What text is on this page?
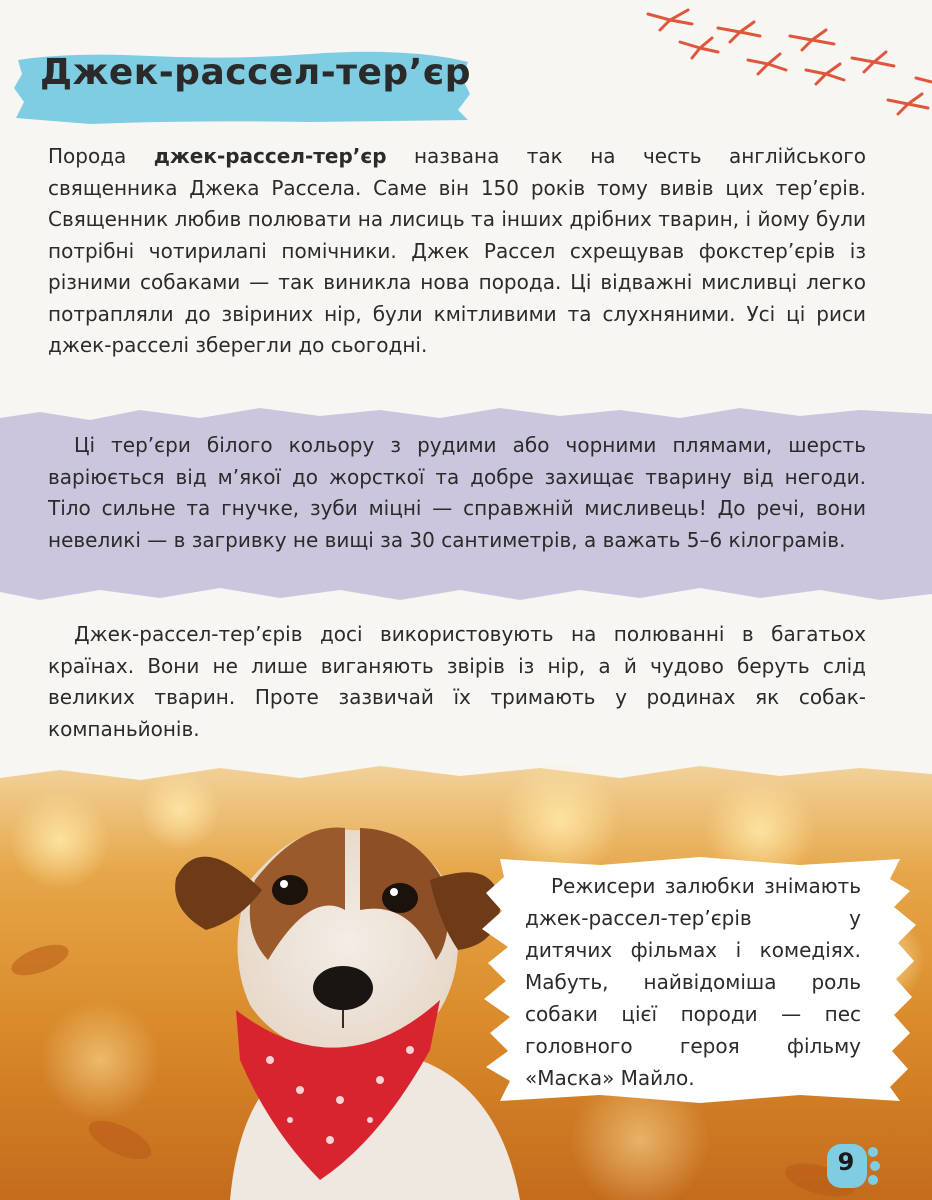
Джек-рассел-тер’єр
Порода джек-рассел-тер’єр названа так на честь англійського священника Джека Рассела. Саме він 150 років тому вивів цих тер’єрів. Священник любив полювати на лисиць та інших дрібних тварин, і йому були потрібні чотирилапі помічники. Джек Рассел схрещував фокстер’єрів із різними собаками — так виникла нова порода. Ці відважні мисливці легко потрапляли до звіриних нір, були кмітливими та слухняними. Усі ці риси джек-расселі зберегли до сьогодні.
Ці тер’єри білого кольору з рудими або чорними плямами, шерсть варіюється від м’якої до жорсткої та добре захищає тварину від негоди. Тіло сильне та гнучке, зуби міцні — справжній мисливець! До речі, вони невеликі — в загривку не вищі за 30 сантиметрів, а важать 5–6 кілограмів.
Джек-рассел-тер’єрів досі використовують на полюванні в багатьох країнах. Вони не лише виганяють звірів із нір, а й чудово беруть слід великих тварин. Проте зазвичай їх тримають у родинах як собак-компаньйонів.
Режисери залюбки знімають джек-рассел-тер’єрів у дитячих фільмах і комедіях. Мабуть, найвідоміша роль собаки цієї породи — пес головного героя фільму «Маска» Майло.
9
